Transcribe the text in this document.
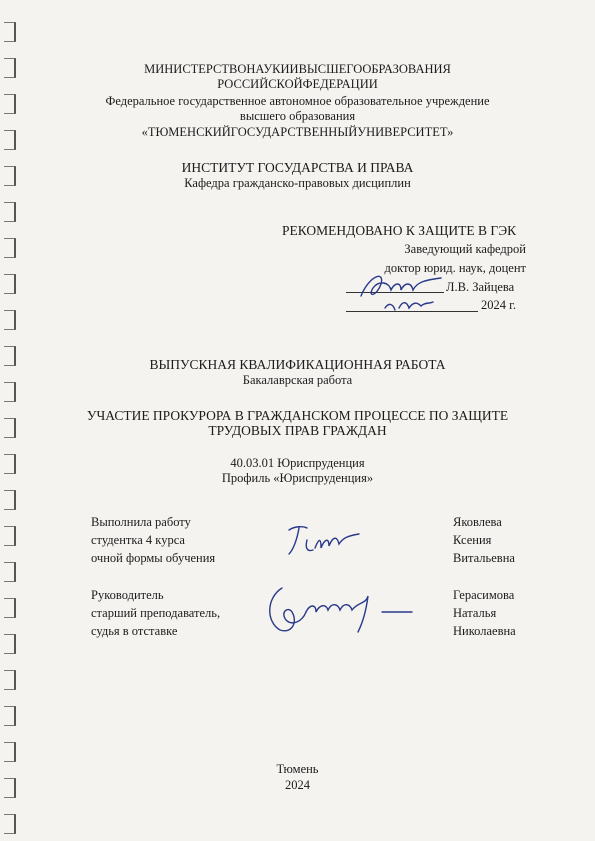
МИНИСТЕРСТВОНАУКИИВЫСШЕГООБРАЗОВАНИЯ
РОССИЙСКОЙФЕДЕРАЦИИ
Федеральное государственное автономное образовательное учреждение
высшего образования
«ТЮМЕНСКИЙГОСУДАРСТВЕННЫЙУНИВЕРСИТЕТ»
ИНСТИТУТ ГОСУДАРСТВА И ПРАВА
Кафедра гражданско-правовых дисциплин
РЕКОМЕНДОВАНО К ЗАЩИТЕ В ГЭК
Заведующий кафедрой
доктор юрид. наук, доцент
Л.В. Зайцева
2024 г.
ВЫПУСКНАЯ КВАЛИФИКАЦИОННАЯ РАБОТА
Бакалаврская работа
УЧАСТИЕ ПРОКУРОРА В ГРАЖДАНСКОМ ПРОЦЕССЕ ПО ЗАЩИТЕ
ТРУДОВЫХ ПРАВ ГРАЖДАН
40.03.01 Юриспруденция
Профиль «Юриспруденция»
Выполнила работу
студентка 4 курса
очной формы обучения
Яковлева
Ксения
Витальевна
Руководитель
старший преподаватель,
судья в отставке
Герасимова
Наталья
Николаевна
Тюмень
2024
